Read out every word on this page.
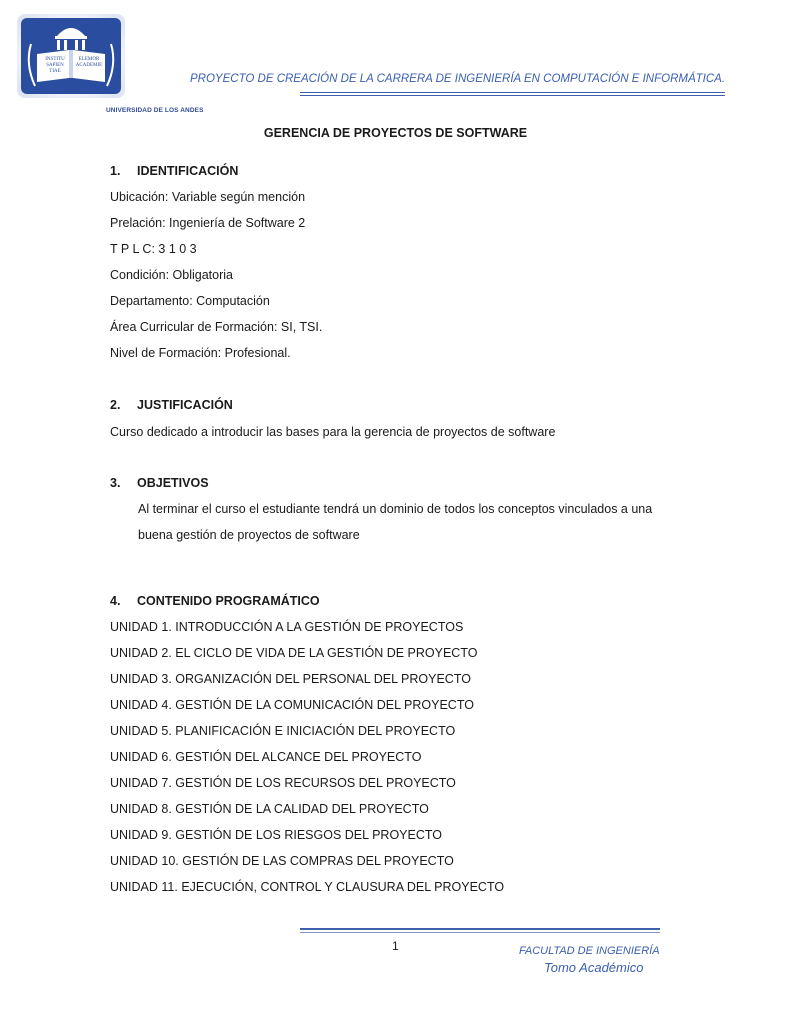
INSTITU SAPIEN TIAE
ELEMOR ACADEMIE
UNIVERSIDAD DE LOS ANDES
PROYECTO DE CREACIÓN DE LA CARRERA DE INGENIERÍA EN COMPUTACIÓN E INFORMÁTICA.
GERENCIA DE PROYECTOS DE SOFTWARE
1. IDENTIFICACIÓN
Ubicación: Variable según mención
Prelación: Ingeniería de Software 2
T P L C: 3 1 0 3
Condición: Obligatoria
Departamento: Computación
Área Curricular de Formación: SI, TSI.
Nivel de Formación: Profesional.
2. JUSTIFICACIÓN
Curso dedicado a introducir las bases para la gerencia de proyectos de software
3. OBJETIVOS
Al terminar el curso el estudiante tendrá un dominio de todos los conceptos vinculados a una
buena gestión de proyectos de software
4. CONTENIDO PROGRAMÁTICO
UNIDAD 1. INTRODUCCIÓN A LA GESTIÓN DE PROYECTOS
UNIDAD 2. EL CICLO DE VIDA DE LA GESTIÓN DE PROYECTO
UNIDAD 3. ORGANIZACIÓN DEL PERSONAL DEL PROYECTO
UNIDAD 4. GESTIÓN DE LA COMUNICACIÓN DEL PROYECTO
UNIDAD 5. PLANIFICACIÓN E INICIACIÓN DEL PROYECTO
UNIDAD 6. GESTIÓN DEL ALCANCE DEL PROYECTO
UNIDAD 7. GESTIÓN DE LOS RECURSOS DEL PROYECTO
UNIDAD 8. GESTIÓN DE LA CALIDAD DEL PROYECTO
UNIDAD 9. GESTIÓN DE LOS RIESGOS DEL PROYECTO
UNIDAD 10. GESTIÓN DE LAS COMPRAS DEL PROYECTO
UNIDAD 11. EJECUCIÓN, CONTROL Y CLAUSURA DEL PROYECTO
1	FACULTAD DE INGENIERÍA
Tomo Académico
